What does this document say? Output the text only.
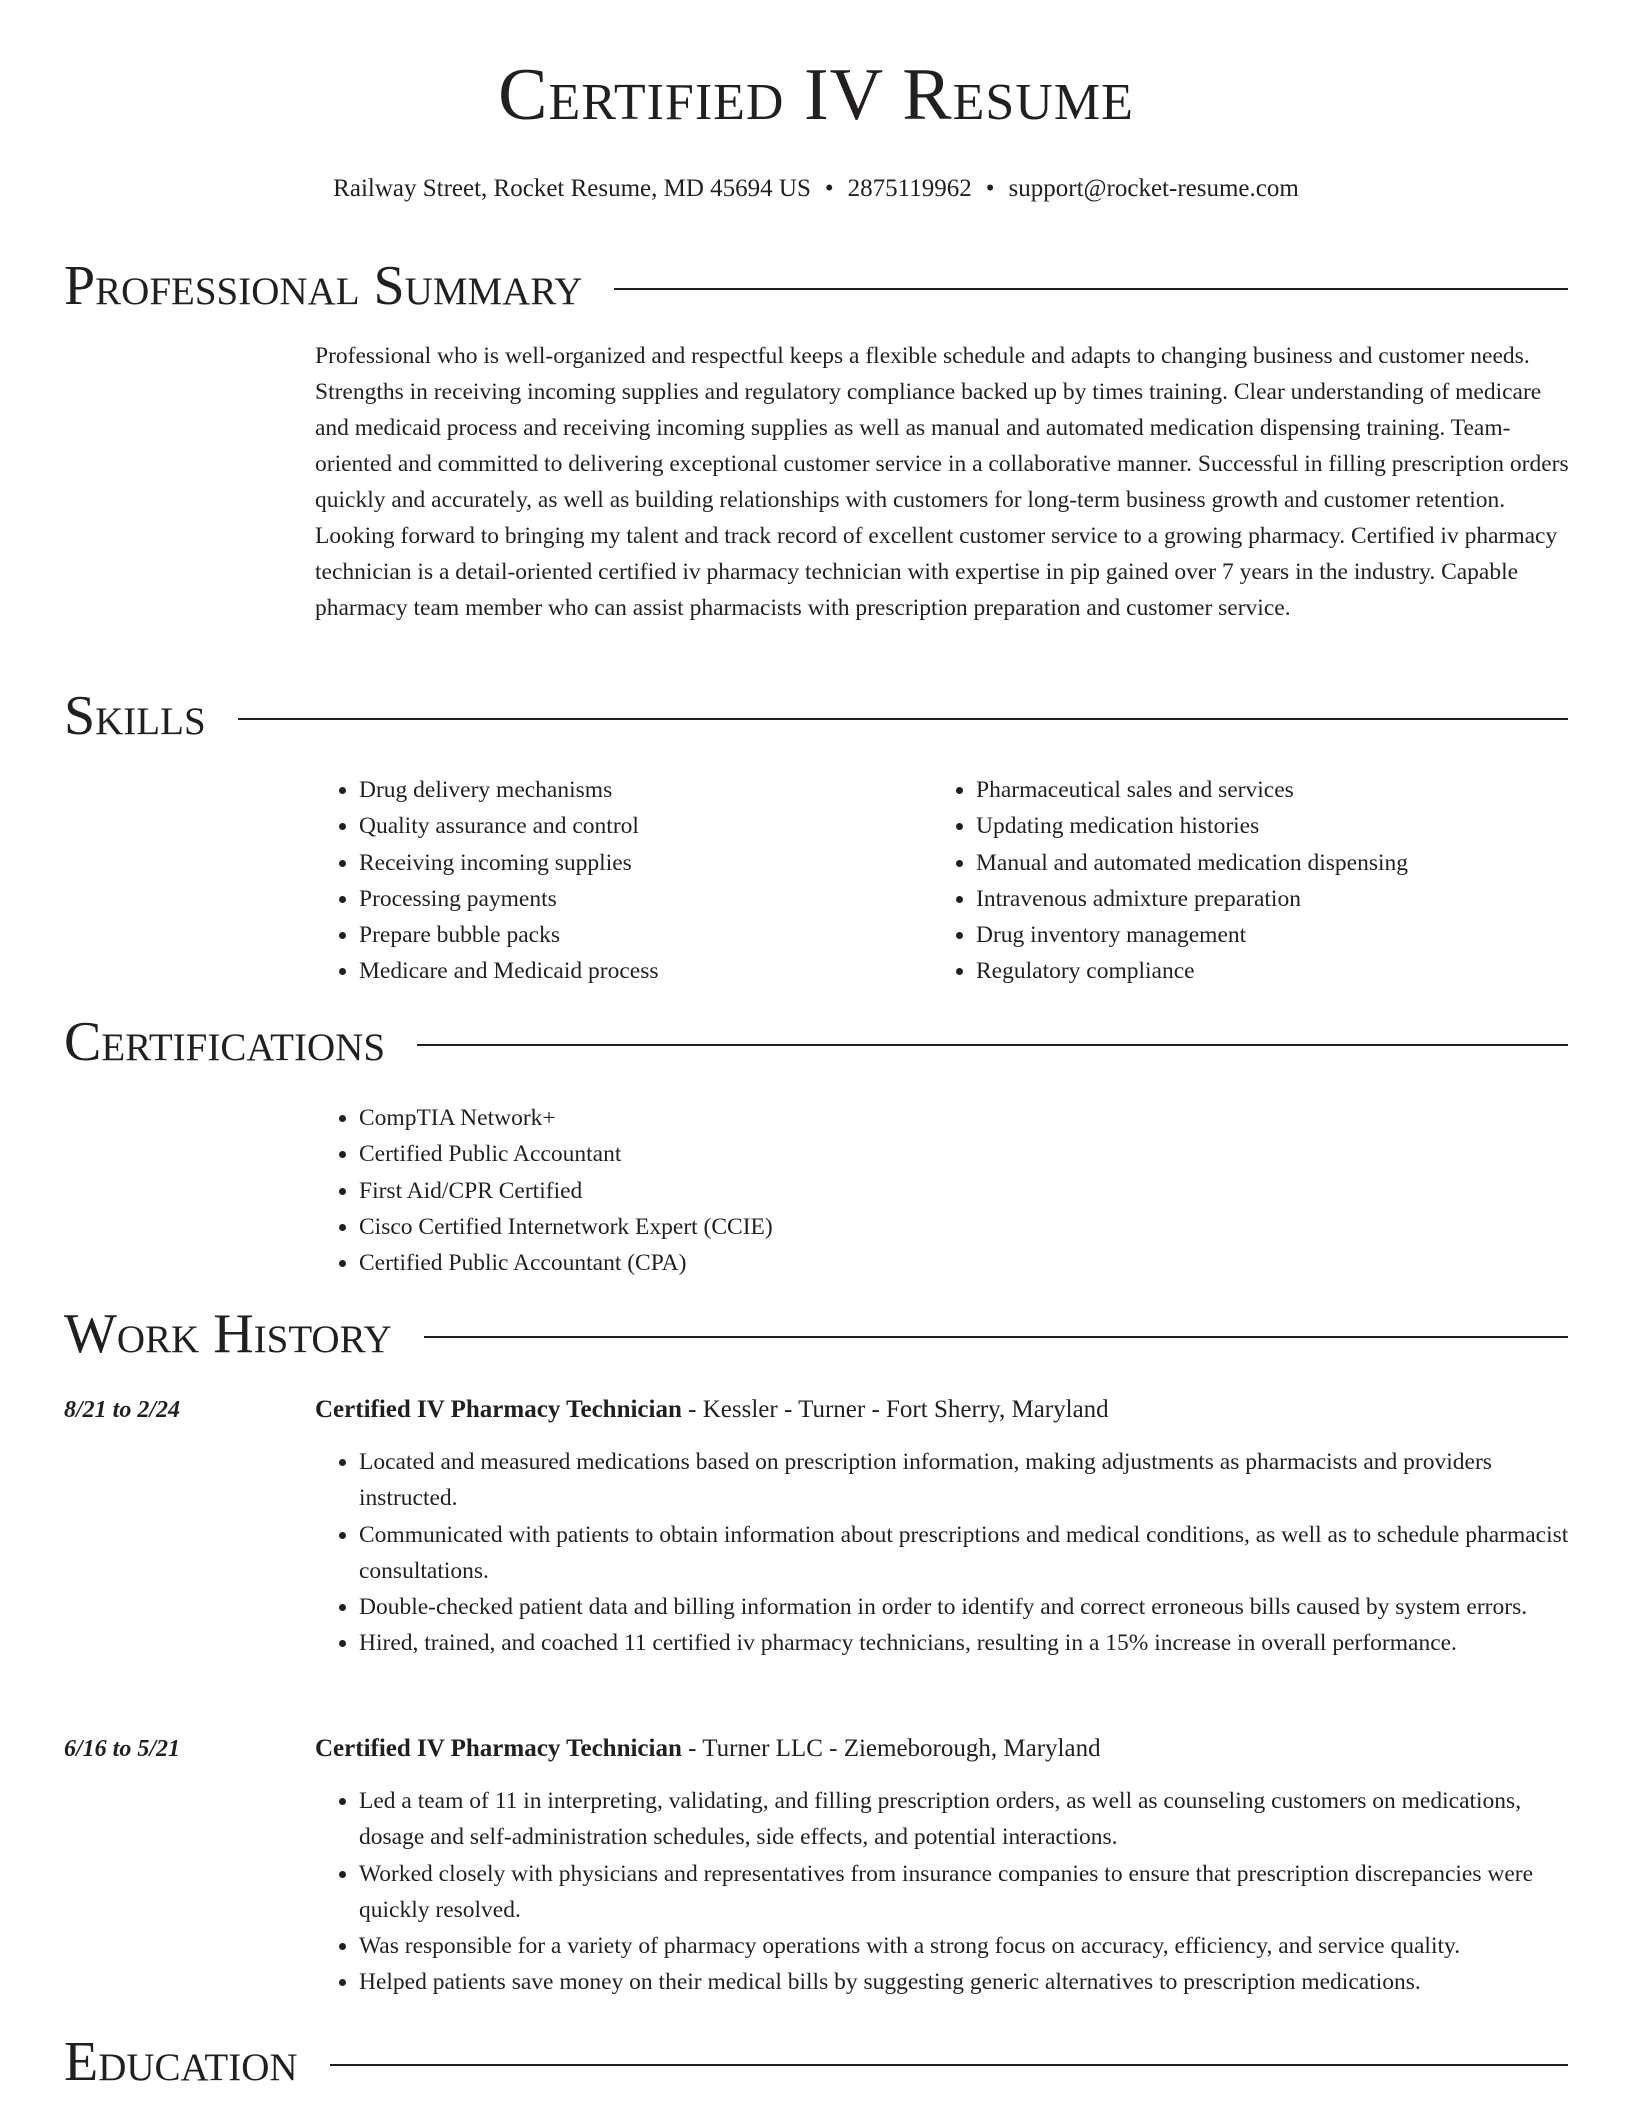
Certified IV Resume
Railway Street, Rocket Resume, MD 45694 US • 2875119962 • support@rocket-resume.com
Professional Summary

Professional who is well-organized and respectful keeps a flexible schedule and adapts to changing business and customer needs. Strengths in receiving incoming supplies and regulatory compliance backed up by times training. Clear understanding of medicare and medicaid process and receiving incoming supplies as well as manual and automated medication dispensing training. Team-oriented and committed to delivering exceptional customer service in a collaborative manner. Successful in filling prescription orders quickly and accurately, as well as building relationships with customers for long-term business growth and customer retention. Looking forward to bringing my talent and track record of excellent customer service to a growing pharmacy. Certified iv pharmacy technician is a detail-oriented certified iv pharmacy technician with expertise in pip gained over 7 years in the industry. Capable pharmacy team member who can assist pharmacists with prescription preparation and customer service.

Skills
• Drug delivery mechanisms
• Quality assurance and control
• Receiving incoming supplies
• Processing payments
• Prepare bubble packs
• Medicare and Medicaid process
• Pharmaceutical sales and services
• Updating medication histories
• Manual and automated medication dispensing
• Intravenous admixture preparation
• Drug inventory management
• Regulatory compliance
Certifications
• CompTIA Network+
• Certified Public Accountant
• First Aid/CPR Certified
• Cisco Certified Internetwork Expert (CCIE)
• Certified Public Accountant (CPA)
Work History
8/21 to 2/24	Certified IV Pharmacy Technician - Kessler - Turner - Fort Sherry, Maryland
• Located and measured medications based on prescription information, making adjustments as pharmacists and providers instructed.
• Communicated with patients to obtain information about prescriptions and medical conditions, as well as to schedule pharmacist consultations.
• Double-checked patient data and billing information in order to identify and correct erroneous bills caused by system errors.
• Hired, trained, and coached 11 certified iv pharmacy technicians, resulting in a 15% increase in overall performance.
6/16 to 5/21	Certified IV Pharmacy Technician - Turner LLC - Ziemeborough, Maryland
• Led a team of 11 in interpreting, validating, and filling prescription orders, as well as counseling customers on medications, dosage and self-administration schedules, side effects, and potential interactions.
• Worked closely with physicians and representatives from insurance companies to ensure that prescription discrepancies were quickly resolved.
• Was responsible for a variety of pharmacy operations with a strong focus on accuracy, efficiency, and service quality.
• Helped patients save money on their medical bills by suggesting generic alternatives to prescription medications.
Education
